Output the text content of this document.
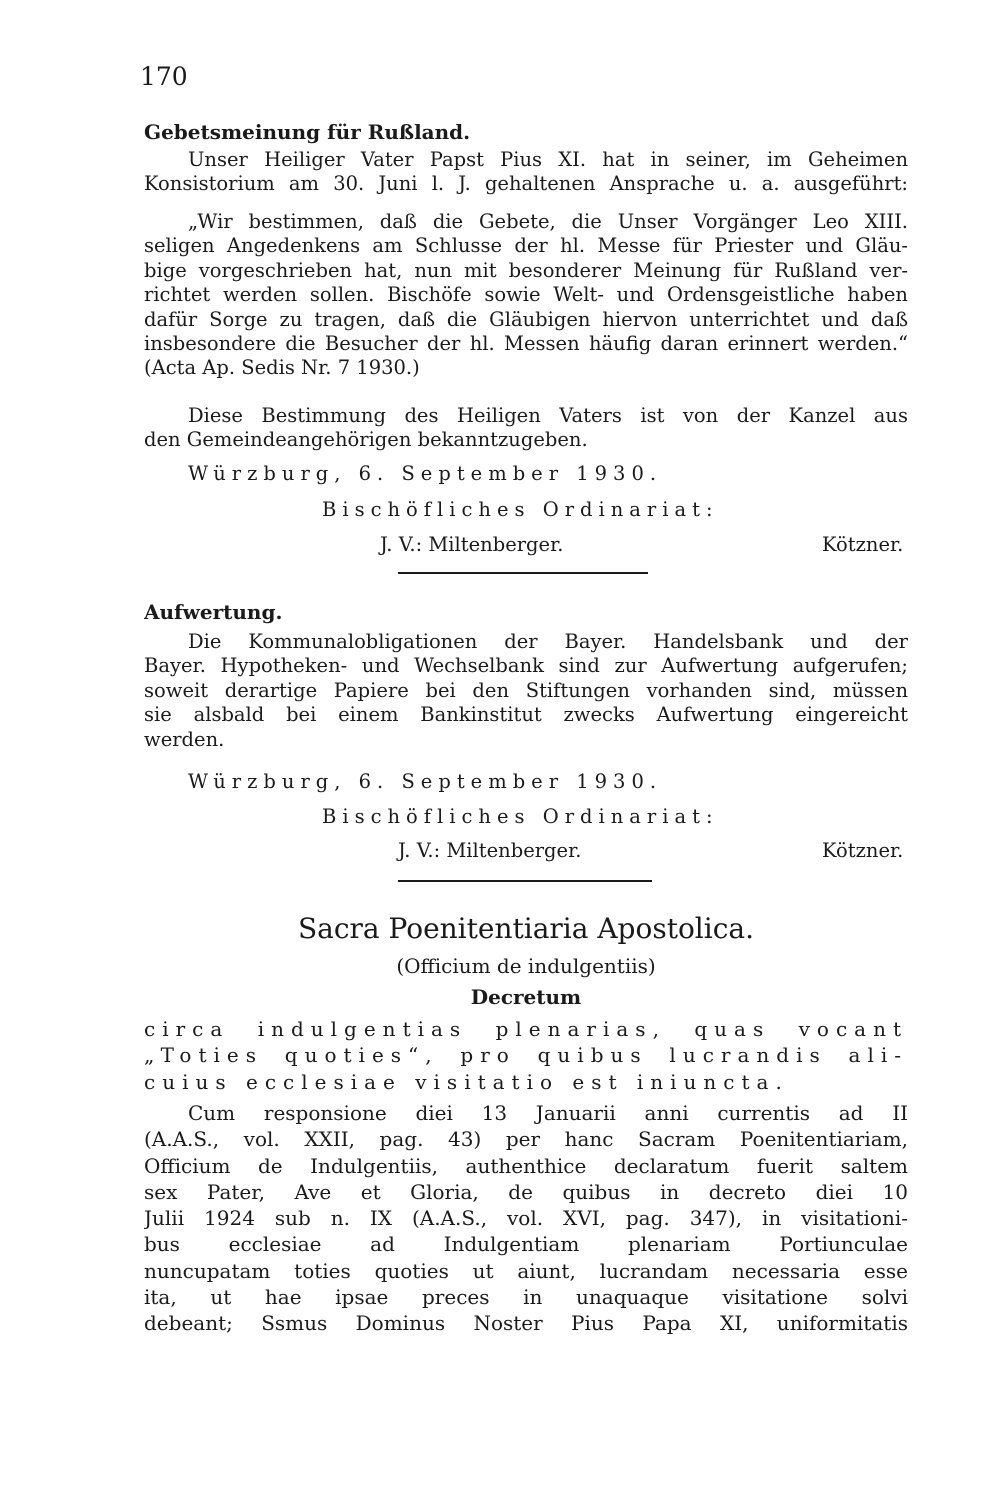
170
Gebetsmeinung für Rußland.
Unser Heiliger Vater Papst Pius XI. hat in seiner, im Geheimen
Konsistorium am 30. Juni l. J. gehaltenen Ansprache u. a. ausgeführt:
„Wir bestimmen, daß die Gebete, die Unser Vorgänger Leo XIII.
seligen Angedenkens am Schlusse der hl. Messe für Priester und Gläu-
bige vorgeschrieben hat, nun mit besonderer Meinung für Rußland ver-
richtet werden sollen. Bischöfe sowie Welt- und Ordensgeistliche haben
dafür Sorge zu tragen, daß die Gläubigen hiervon unterrichtet und daß
insbesondere die Besucher der hl. Messen häufig daran erinnert werden.“
(Acta Ap. Sedis Nr. 7 1930.)
Diese Bestimmung des Heiligen Vaters ist von der Kanzel aus
den Gemeindeangehörigen bekanntzugeben.
Würzburg, 6. September 1930.
Bischöfliches Ordinariat:
J. V.: Miltenberger.	Kötzner.
Aufwertung.
Die Kommunalobligationen der Bayer. Handelsbank und der
Bayer. Hypotheken- und Wechselbank sind zur Aufwertung aufgerufen;
soweit derartige Papiere bei den Stiftungen vorhanden sind, müssen
sie alsbald bei einem Bankinstitut zwecks Aufwertung eingereicht
werden.
Würzburg, 6. September 1930.
Bischöfliches Ordinariat:
J. V.: Miltenberger.	Kötzner.
Sacra Poenitentiaria Apostolica.
(Officium de indulgentiis)
Decretum
circa indulgentias plenarias, quas vocant
„Toties quoties“, pro quibus lucrandis ali-
cuius ecclesiae visitatio est iniuncta.
Cum responsione diei 13 Januarii anni currentis ad II
(A.A.S., vol. XXII, pag. 43) per hanc Sacram Poenitentiariam,
Officium de Indulgentiis, authenthice declaratum fuerit saltem
sex Pater, Ave et Gloria, de quibus in decreto diei 10
Julii 1924 sub n. IX (A.A.S., vol. XVI, pag. 347), in visitationi-
bus ecclesiae ad Indulgentiam plenariam Portiunculae
nuncupatam toties quoties ut aiunt, lucrandam necessaria esse
ita, ut hae ipsae preces in unaquaque visitatione solvi
debeant; Ssmus Dominus Noster Pius Papa XI, uniformitatis
